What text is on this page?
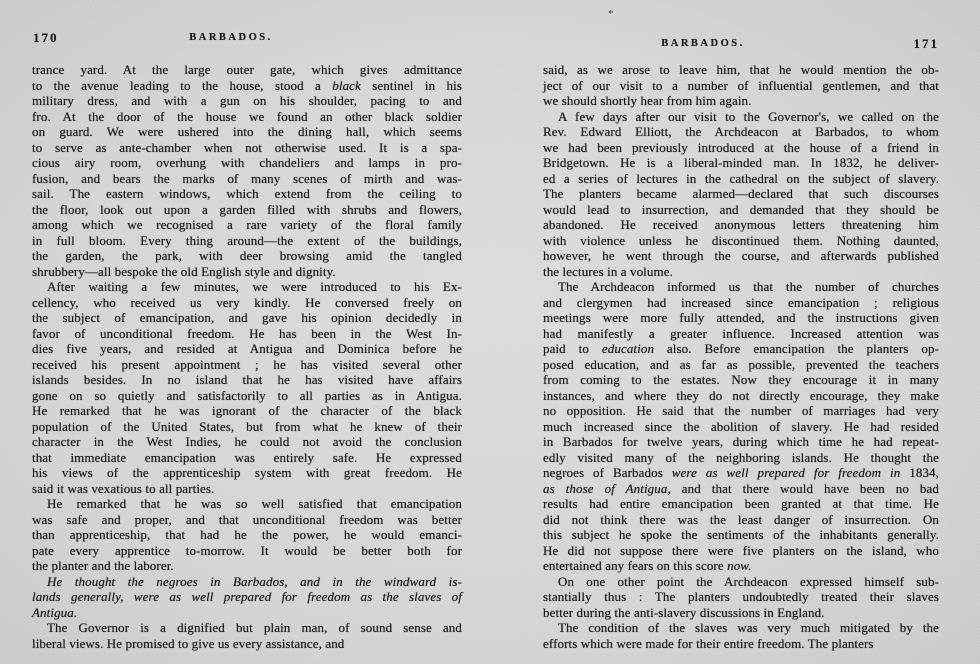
*
170	BARBADOS.
trance yard. At the large outer gate, which gives admittance
to the avenue leading to the house, stood a black sentinel in his
military dress, and with a gun on his shoulder, pacing to and
fro. At the door of the house we found an other black soldier
on guard. We were ushered into the dining hall, which seems
to serve as ante-chamber when not otherwise used. It is a spa-
cious airy room, overhung with chandeliers and lamps in pro-
fusion, and bears the marks of many scenes of mirth and was-
sail. The eastern windows, which extend from the ceiling to
the floor, look out upon a garden filled with shrubs and flowers,
among which we recognised a rare variety of the floral family
in full bloom. Every thing around—the extent of the buildings,
the garden, the park, with deer browsing amid the tangled
shrubbery—all bespoke the old English style and dignity.
After waiting a few minutes, we were introduced to his Ex-
cellency, who received us very kindly. He conversed freely on
the subject of emancipation, and gave his opinion decidedly in
favor of unconditional freedom. He has been in the West In-
dies five years, and resided at Antigua and Dominica before he
received his present appointment ; he has visited several other
islands besides. In no island that he has visited have affairs
gone on so quietly and satisfactorily to all parties as in Antigua.
He remarked that he was ignorant of the character of the black
population of the United States, but from what he knew of their
character in the West Indies, he could not avoid the conclusion
that immediate emancipation was entirely safe. He expressed
his views of the apprenticeship system with great freedom. He
said it was vexatious to all parties.
He remarked that he was so well satisfied that emancipation
was safe and proper, and that unconditional freedom was better
than apprenticeship, that had he the power, he would emanci-
pate every apprentice to-morrow. It would be better both for
the planter and the laborer.
He thought the negroes in Barbados, and in the windward is-
lands generally, were as well prepared for freedom as the slaves of
Antigua.
The Governor is a dignified but plain man, of sound sense and
liberal views. He promised to give us every assistance, and
BARBADOS.	171
said, as we arose to leave him, that he would mention the ob-
ject of our visit to a number of influential gentlemen, and that
we should shortly hear from him again.
A few days after our visit to the Governor's, we called on the
Rev. Edward Elliott, the Archdeacon at Barbados, to whom
we had been previously introduced at the house of a friend in
Bridgetown. He is a liberal-minded man. In 1832, he deliver-
ed a series of lectures in the cathedral on the subject of slavery.
The planters became alarmed—declared that such discourses
would lead to insurrection, and demanded that they should be
abandoned. He received anonymous letters threatening him
with violence unless he discontinued them. Nothing daunted,
however, he went through the course, and afterwards published
the lectures in a volume.
The Archdeacon informed us that the number of churches
and clergymen had increased since emancipation ; religious
meetings were more fully attended, and the instructions given
had manifestly a greater influence. Increased attention was
paid to education also. Before emancipation the planters op-
posed education, and as far as possible, prevented the teachers
from coming to the estates. Now they encourage it in many
instances, and where they do not directly encourage, they make
no opposition. He said that the number of marriages had very
much increased since the abolition of slavery. He had resided
in Barbados for twelve years, during which time he had repeat-
edly visited many of the neighboring islands. He thought the
negroes of Barbados were as well prepared for freedom in 1834,
as those of Antigua, and that there would have been no bad
results had entire emancipation been granted at that time. He
did not think there was the least danger of insurrection. On
this subject he spoke the sentiments of the inhabitants generally.
He did not suppose there were five planters on the island, who
entertained any fears on this score now.
On one other point the Archdeacon expressed himself sub-
stantially thus : The planters undoubtedly treated their slaves
better during the anti-slavery discussions in England.
The condition of the slaves was very much mitigated by the
efforts which were made for their entire freedom. The planters
